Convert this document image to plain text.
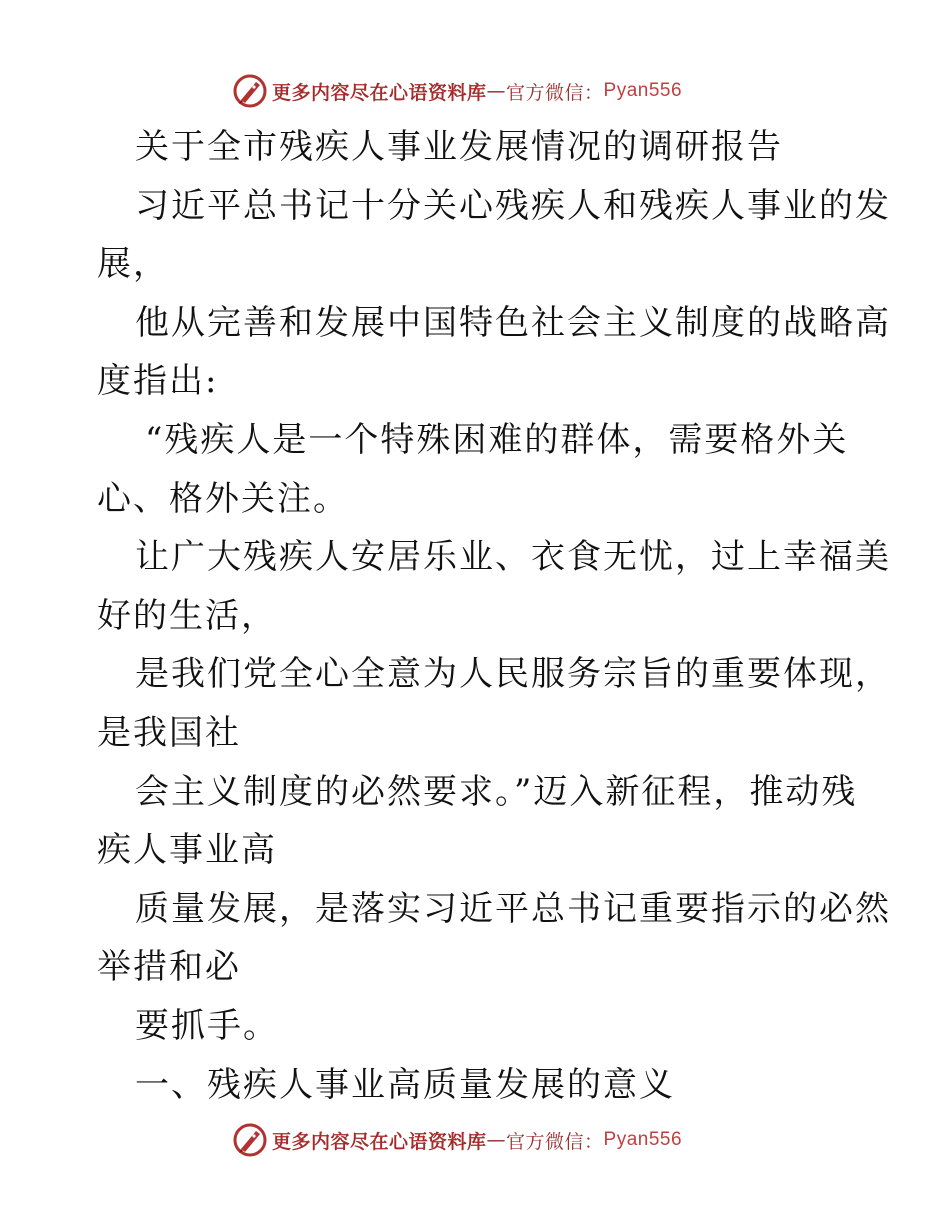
更多内容尽在心语资料库 — 官方微信： Pyan556
关于全市残疾人事业发展情况的调研报告
习近平总书记十分关心残疾人和残疾人事业的发
展，
他从完善和发展中国特色社会主义制度的战略高
度指出:
“残疾人是一个特殊困难的群体，需要格外关
心、格外关注。
让广大残疾人安居乐业、衣食无忧，过上幸福美
好的生活，
是我们党全心全意为人民服务宗旨的重要体现，
是我国社
会主义制度的必然要求。”迈入新征程，推动残
疾人事业高
质量发展，是落实习近平总书记重要指示的必然
举措和必
要抓手。
一、残疾人事业高质量发展的意义
更多内容尽在心语资料库 — 官方微信： Pyan556
